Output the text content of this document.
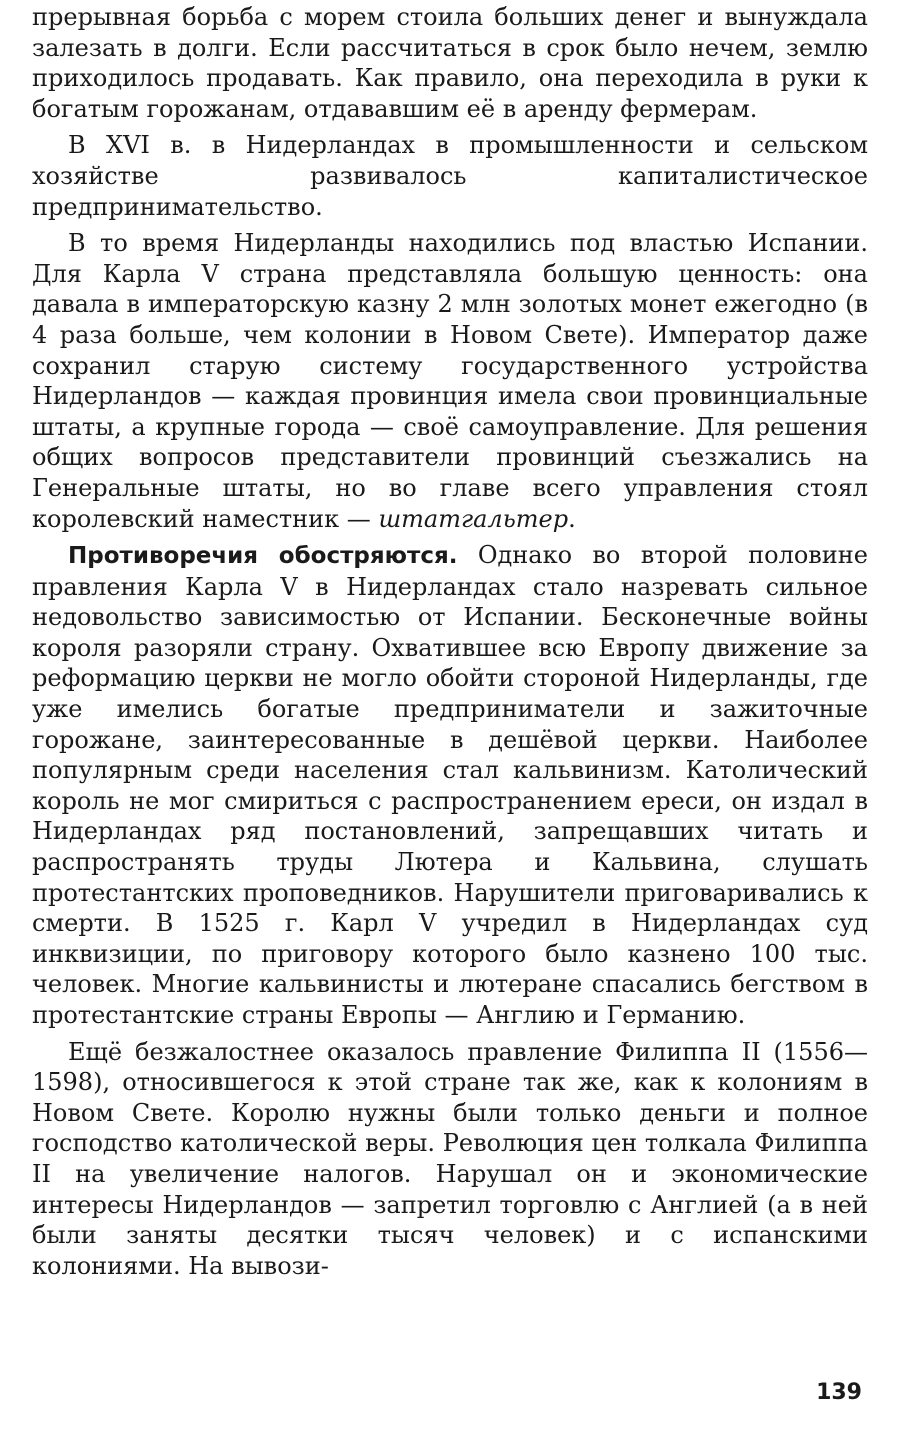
прерывная борьба с морем стоила больших денег и вынуждала залезать в долги. Если рассчитаться в срок было нечем, землю приходилось продавать. Как правило, она переходила в руки к богатым горожанам, отдававшим её в аренду фермерам.

В XVI в. в Нидерландах в промышленности и сельском хозяйстве развивалось капиталистическое предпринимательство.

В то время Нидерланды находились под властью Испании. Для Карла V страна представляла большую ценность: она давала в императорскую казну 2 млн золотых монет ежегодно (в 4 раза больше, чем колонии в Новом Свете). Император даже сохранил старую систему государственного устройства Нидерландов — каждая провинция имела свои провинциальные штаты, а крупные города — своё самоуправление. Для решения общих вопросов представители провинций съезжались на Генеральные штаты, но во главе всего управления стоял королевский наместник — штатгальтер.

Противоречия обостряются. Однако во второй половине правления Карла V в Нидерландах стало назревать сильное недовольство зависимостью от Испании. Бесконечные войны короля разоряли страну. Охватившее всю Европу движение за реформацию церкви не могло обойти стороной Нидерланды, где уже имелись богатые предприниматели и зажиточные горожане, заинтересованные в дешёвой церкви. Наиболее популярным среди населения стал кальвинизм. Католический король не мог смириться с распространением ереси, он издал в Нидерландах ряд постановлений, запрещавших читать и распространять труды Лютера и Кальвина, слушать протестантских проповедников. Нарушители приговаривались к смерти. В 1525 г. Карл V учредил в Нидерландах суд инквизиции, по приговору которого было казнено 100 тыс. человек. Многие кальвинисты и лютеране спасались бегством в протестантские страны Европы — Англию и Германию.

Ещё безжалостнее оказалось правление Филиппа II (1556—1598), относившегося к этой стране так же, как к колониям в Новом Свете. Королю нужны были только деньги и полное господство католической веры. Революция цен толкала Филиппа II на увеличение налогов. Нарушал он и экономические интересы Нидерландов — запретил торговлю с Англией (а в ней были заняты десятки тысяч человек) и с испанскими колониями. На вывози-

139
